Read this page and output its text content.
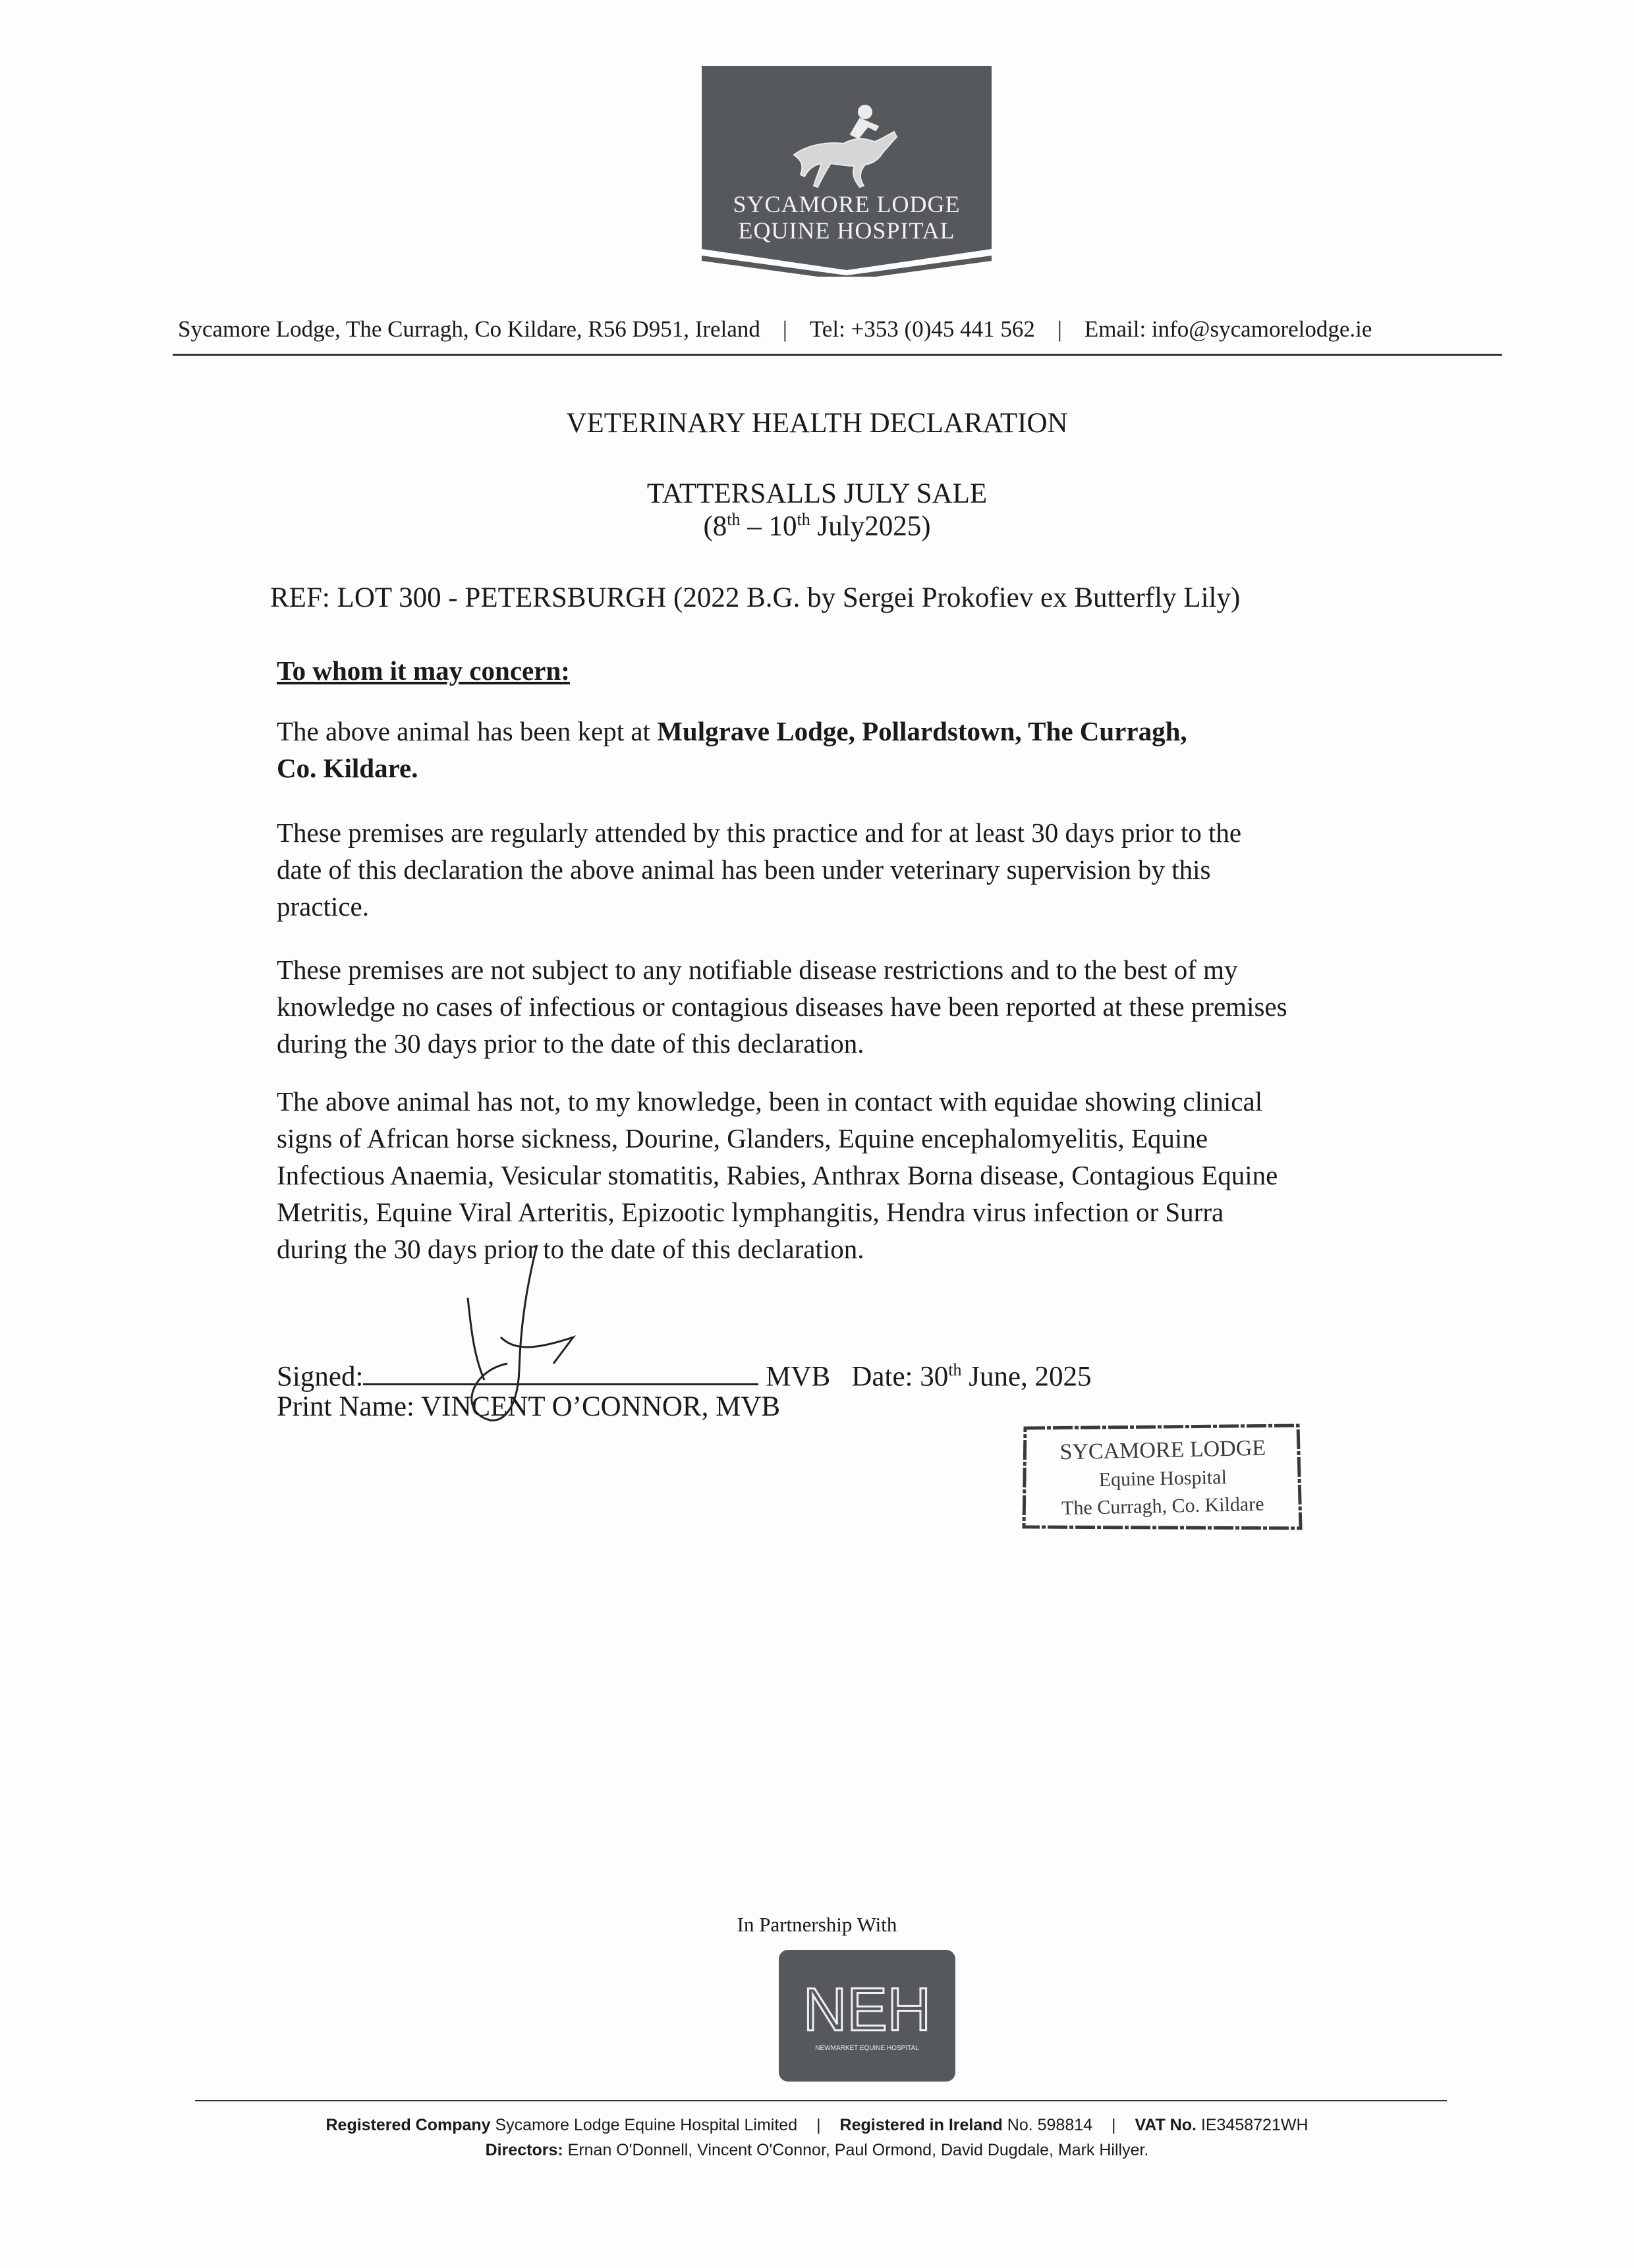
SYCAMORE LODGE
EQUINE HOSPITAL
Sycamore Lodge, The Curragh, Co Kildare, R56 D951, Ireland | Tel: +353 (0)45 441 562 | Email: info@sycamorelodge.ie
VETERINARY HEALTH DECLARATION
TATTERSALLS JULY SALE
(8th – 10th July2025)
REF: LOT 300 - PETERSBURGH (2022 B.G. by Sergei Prokofiev ex Butterfly Lily)
To whom it may concern:
The above animal has been kept at Mulgrave Lodge, Pollardstown, The Curragh,
Co. Kildare.
These premises are regularly attended by this practice and for at least 30 days prior to the
date of this declaration the above animal has been under veterinary supervision by this
practice.
These premises are not subject to any notifiable disease restrictions and to the best of my
knowledge no cases of infectious or contagious diseases have been reported at these premises
during the 30 days prior to the date of this declaration.
The above animal has not, to my knowledge, been in contact with equidae showing clinical
signs of African horse sickness, Dourine, Glanders, Equine encephalomyelitis, Equine
Infectious Anaemia, Vesicular stomatitis, Rabies, Anthrax Borna disease, Contagious Equine
Metritis, Equine Viral Arteritis, Epizootic lymphangitis, Hendra virus infection or Surra
during the 30 days prior to the date of this declaration.
Signed:	MVB Date: 30th June, 2025
Print Name: VINCENT O’CONNOR, MVB
SYCAMORE LODGE
Equine Hospital
The Curragh, Co. Kildare
In Partnership With
NEH
NEWMARKET EQUINE HOSPITAL
Registered Company Sycamore Lodge Equine Hospital Limited | Registered in Ireland No. 598814 | VAT No. IE3458721WH
Directors: Ernan O'Donnell, Vincent O'Connor, Paul Ormond, David Dugdale, Mark Hillyer.
